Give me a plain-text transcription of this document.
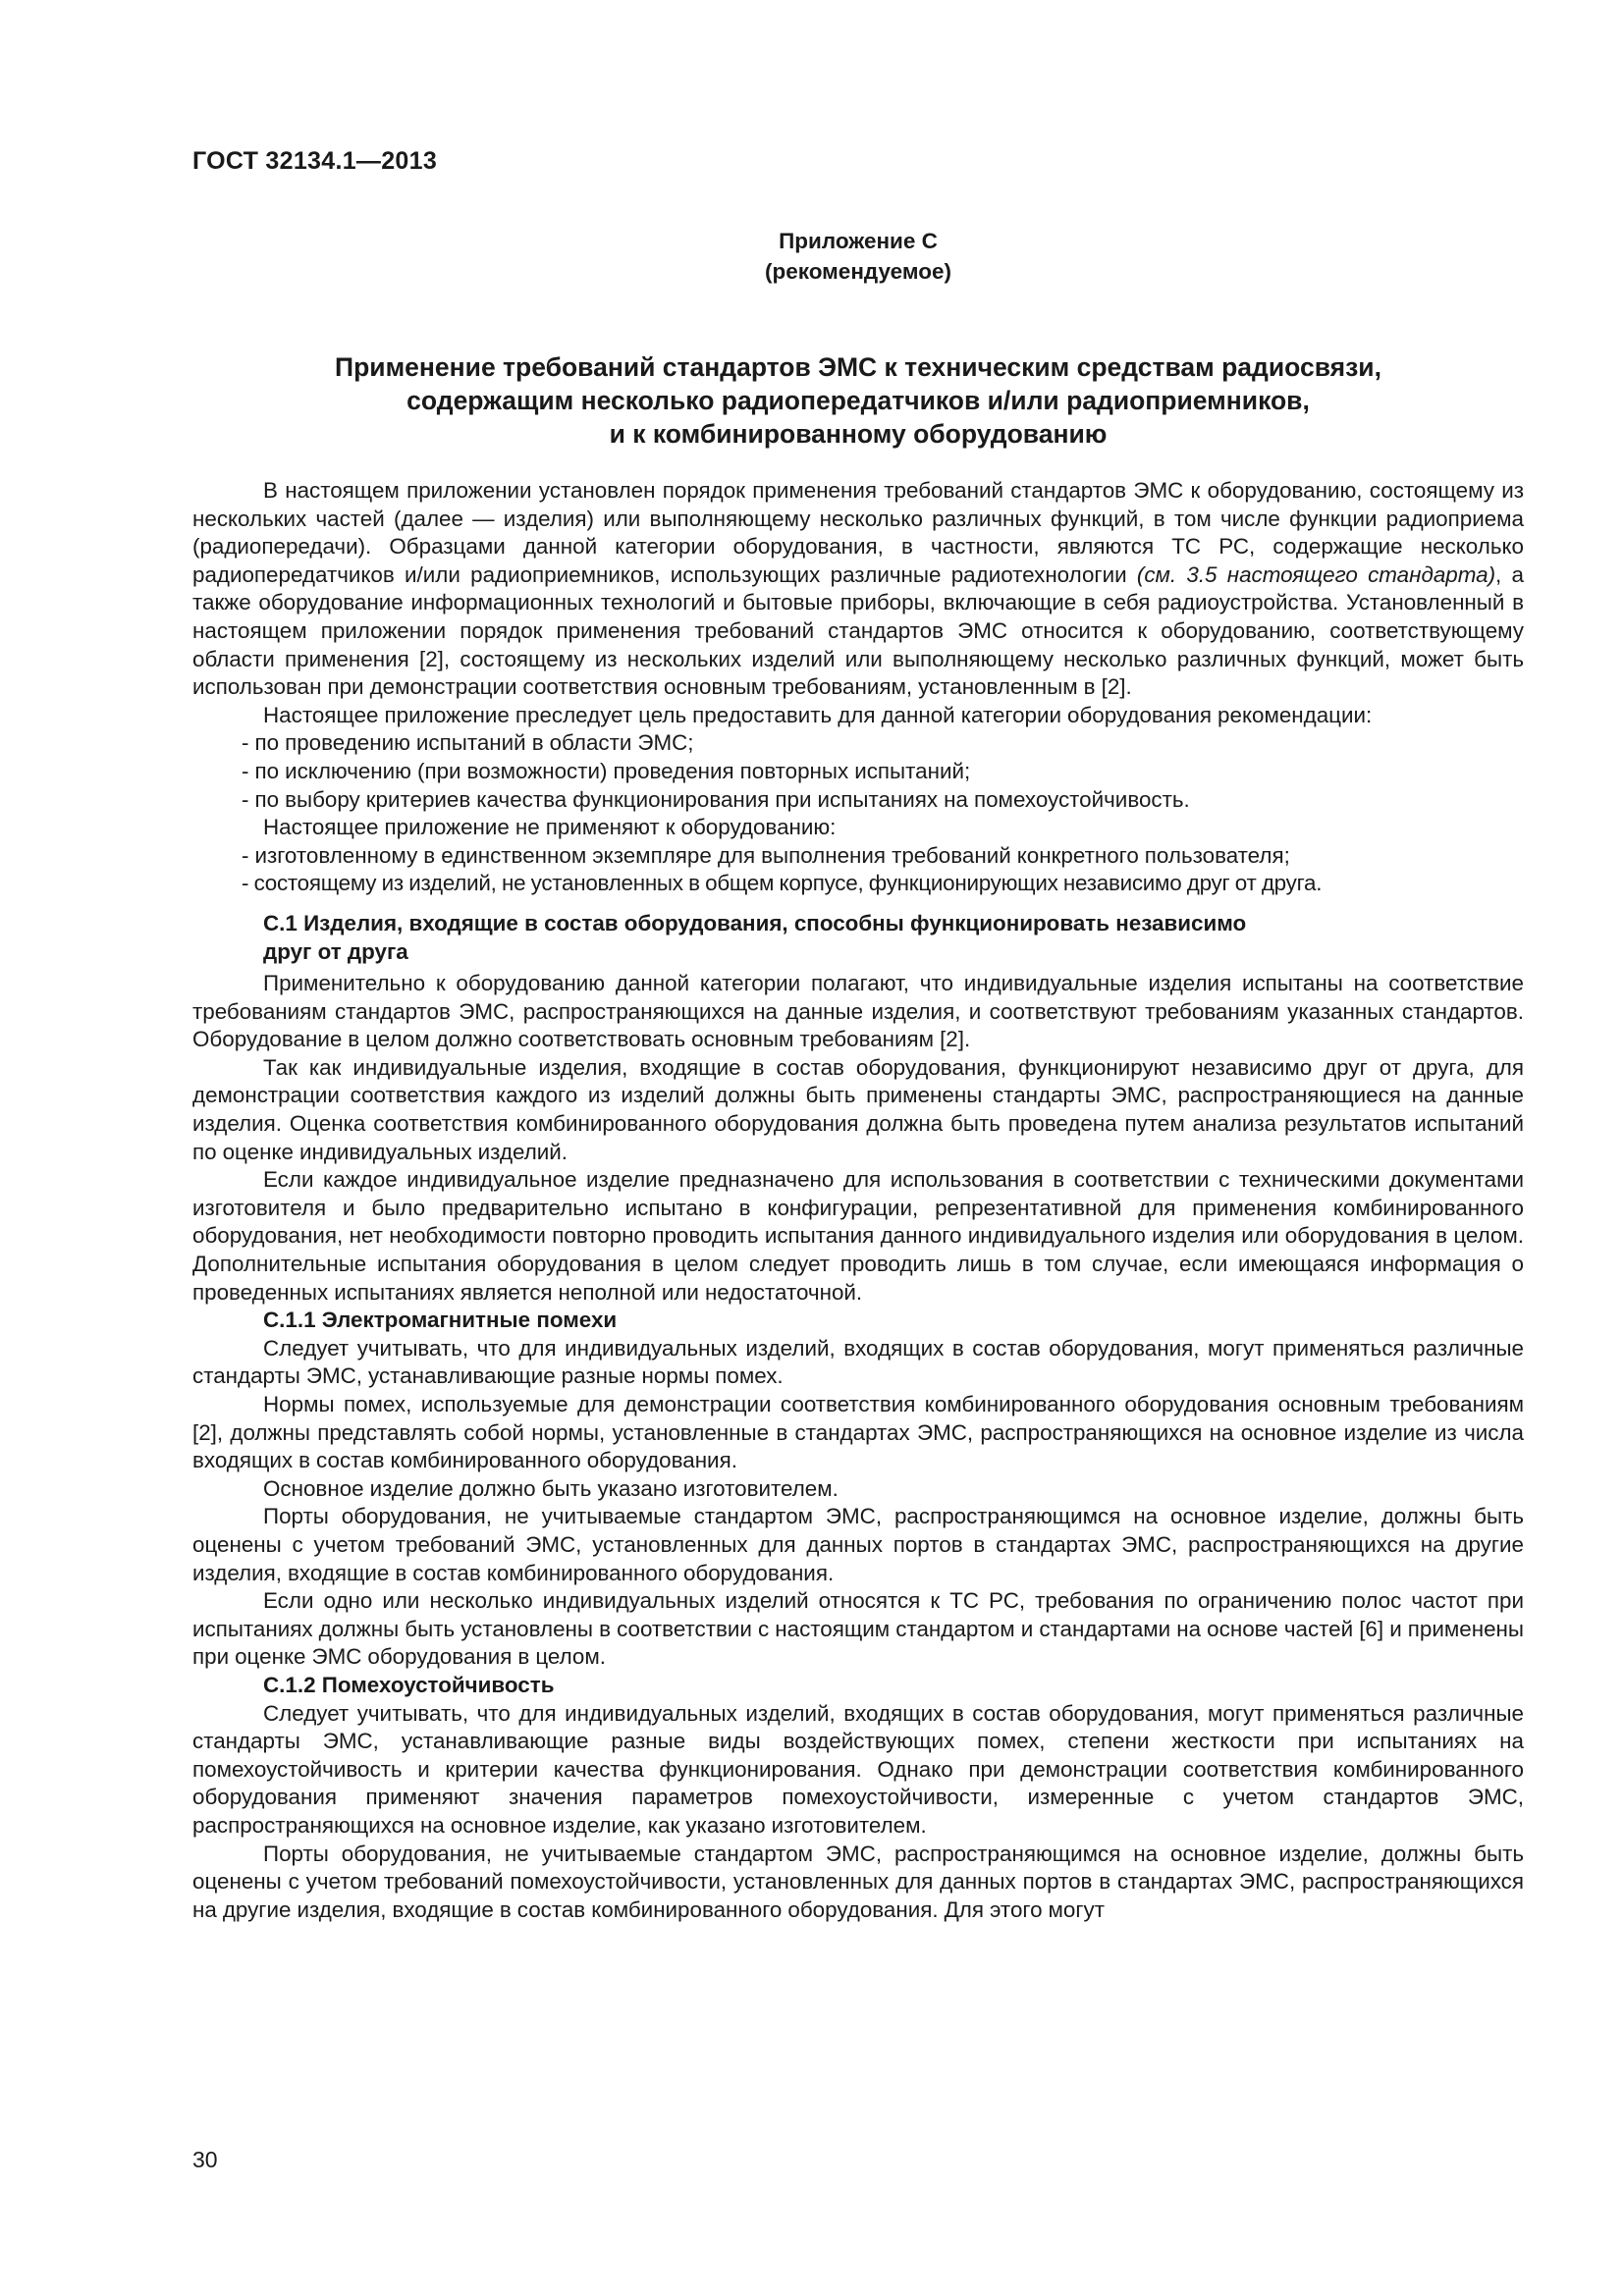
ГОСТ 32134.1—2013
Приложение С
(рекомендуемое)
Применение требований стандартов ЭМС к техническим средствам радиосвязи,
содержащим несколько радиопередатчиков и/или радиоприемников,
и к комбинированному оборудованию

В настоящем приложении установлен порядок применения требований стандартов ЭМС к оборудованию, состоящему из нескольких частей (далее — изделия) или выполняющему несколько различных функций, в том числе функции радиоприема (радиопередачи). Образцами данной категории оборудования, в частности, являются ТС РС, содержащие несколько радиопередатчиков и/или радиоприемников, использующих различные радиотехнологии (см. 3.5 настоящего стандарта), а также оборудование информационных технологий и бытовые приборы, включающие в себя радиоустройства. Установленный в настоящем приложении порядок применения требований стандартов ЭМС относится к оборудованию, соответствующему области применения [2], состоящему из нескольких изделий или выполняющему несколько различных функций, может быть использован при демонстрации соответствия основным требованиям, установленным в [2].

Настоящее приложение преследует цель предоставить для данной категории оборудования рекомендации:

- по проведению испытаний в области ЭМС;

- по исключению (при возможности) проведения повторных испытаний;

- по выбору критериев качества функционирования при испытаниях на помехоустойчивость.

Настоящее приложение не применяют к оборудованию:

- изготовленному в единственном экземпляре для выполнения требований конкретного пользователя;

- состоящему из изделий, не установленных в общем корпусе, функционирующих независимо друг от друга.

С.1 Изделия, входящие в состав оборудования, способны функционировать независимо
друг от друга

Применительно к оборудованию данной категории полагают, что индивидуальные изделия испытаны на соответствие требованиям стандартов ЭМС, распространяющихся на данные изделия, и соответствуют требованиям указанных стандартов. Оборудование в целом должно соответствовать основным требованиям [2].

Так как индивидуальные изделия, входящие в состав оборудования, функционируют независимо друг от друга, для демонстрации соответствия каждого из изделий должны быть применены стандарты ЭМС, распространяющиеся на данные изделия. Оценка соответствия комбинированного оборудования должна быть проведена путем анализа результатов испытаний по оценке индивидуальных изделий.

Если каждое индивидуальное изделие предназначено для использования в соответствии с техническими документами изготовителя и было предварительно испытано в конфигурации, репрезентативной для применения комбинированного оборудования, нет необходимости повторно проводить испытания данного индивидуального изделия или оборудования в целом. Дополнительные испытания оборудования в целом следует проводить лишь в том случае, если имеющаяся информация о проведенных испытаниях является неполной или недостаточной.

С.1.1 Электромагнитные помехи

Следует учитывать, что для индивидуальных изделий, входящих в состав оборудования, могут применяться различные стандарты ЭМС, устанавливающие разные нормы помех.

Нормы помех, используемые для демонстрации соответствия комбинированного оборудования основным требованиям [2], должны представлять собой нормы, установленные в стандартах ЭМС, распространяющихся на основное изделие из числа входящих в состав комбинированного оборудования.

Основное изделие должно быть указано изготовителем.

Порты оборудования, не учитываемые стандартом ЭМС, распространяющимся на основное изделие, должны быть оценены с учетом требований ЭМС, установленных для данных портов в стандартах ЭМС, распространяющихся на другие изделия, входящие в состав комбинированного оборудования.

Если одно или несколько индивидуальных изделий относятся к ТС РС, требования по ограничению полос частот при испытаниях должны быть установлены в соответствии с настоящим стандартом и стандартами на основе частей [6] и применены при оценке ЭМС оборудования в целом.

С.1.2 Помехоустойчивость

Следует учитывать, что для индивидуальных изделий, входящих в состав оборудования, могут применяться различные стандарты ЭМС, устанавливающие разные виды воздействующих помех, степени жесткости при испытаниях на помехоустойчивость и критерии качества функционирования. Однако при демонстрации соответствия комбинированного оборудования применяют значения параметров помехоустойчивости, измеренные с учетом стандартов ЭМС, распространяющихся на основное изделие, как указано изготовителем.

Порты оборудования, не учитываемые стандартом ЭМС, распространяющимся на основное изделие, должны быть оценены с учетом требований помехоустойчивости, установленных для данных портов в стандартах ЭМС, распространяющихся на другие изделия, входящие в состав комбинированного оборудования. Для этого могут

30
